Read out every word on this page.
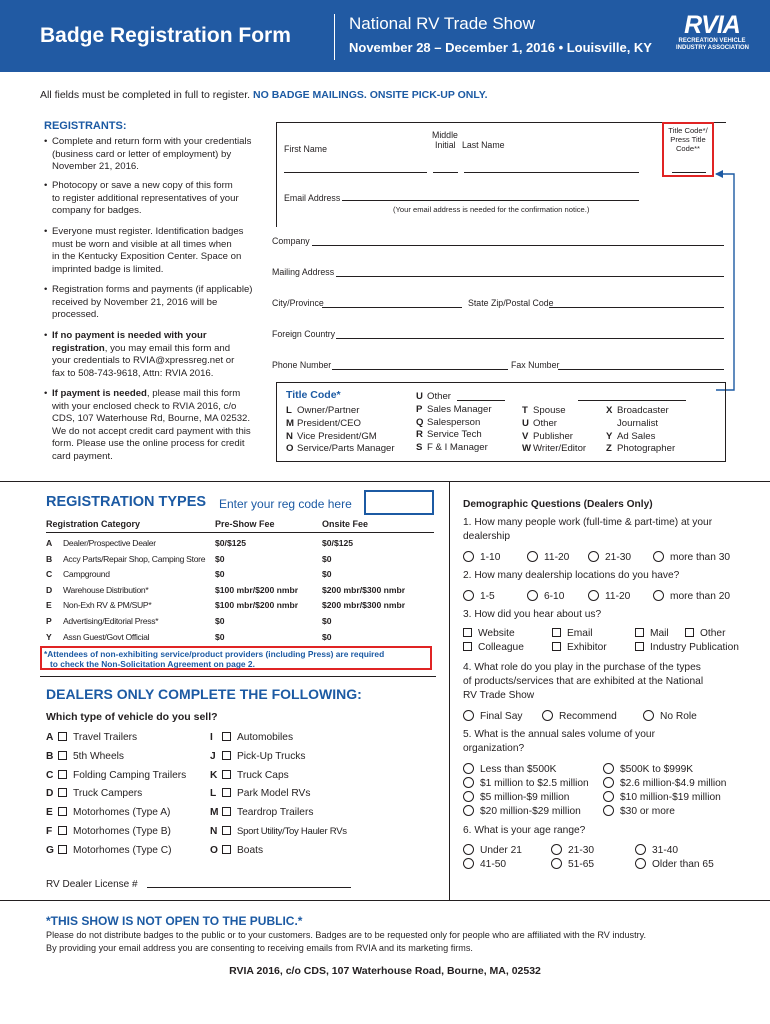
Badge Registration Form
National RV Trade Show
November 28 – December 1, 2016 • Louisville, KY
RVIA
RECREATION VEHICLE
INDUSTRY ASSOCIATION
All fields must be completed in full to register. NO BADGE MAILINGS. ONSITE PICK-UP ONLY.
REGISTRANTS:
• Complete and return form with your credentials
(business card or letter of employment) by
November 21, 2016.
• Photocopy or save a new copy of this form
to register additional representatives of your
company for badges.
• Everyone must register. Identification badges
must be worn and visible at all times when
in the Kentucky Exposition Center. Space on
imprinted badge is limited.
• Registration forms and payments (if applicable)
received by November 21, 2016 will be
processed.
• If no payment is needed with your
registration, you may email this form and
your credentials to RVIA@xpressreg.net or
fax to 508-743-9618, Attn: RVIA 2016.
• If payment is needed, please mail this form
with your enclosed check to RVIA 2016, c/o
CDS, 107 Waterhouse Rd, Bourne, MA 02532.
We do not accept credit card payment with this
form. Please use the online process for credit
card payment.
First Name
Middle
Initial Last Name
Title Code*/
Press Title
Code**
Email Address
(Your email address is needed for the confirmation notice.)
Company
Mailing Address
City/Province	State Zip/Postal Code
Foreign Country
Phone Number	Fax Number
Title Code*
L Owner/Partner
M President/CEO
N Vice President/GM
O Service/Parts Manager
U Other
P Sales Manager
Q Salesperson
R Service Tech
S F & I Manager
T Spouse
U Other
V Publisher
W Writer/Editor
X Broadcaster
Journalist
Y Ad Sales
Z Photographer
REGISTRATION TYPES Enter your reg code here
Registration Category	Pre-Show Fee	Onsite Fee
A Dealer/Prospective Dealer	$0/$125	$0/$125
B Accy Parts/Repair Shop, Camping Store $0	$0
C Campground	$0	$0
D Warehouse Distribution*	$100 mbr/$200 nmbr	$200 mbr/$300 nmbr
E Non-Exh RV & PM/SUP*	$100 mbr/$200 nmbr	$200 mbr/$300 nmbr
P Advertising/Editorial Press*	$0	$0
Y Assn Guest/Govt Official	$0	$0
*Attendees of non-exhibiting service/product providers (including Press) are required
to check the Non-Solicitation Agreement on page 2.
DEALERS ONLY COMPLETE THE FOLLOWING:
Which type of vehicle do you sell?
A Travel Trailers
B 5th Wheels
C Folding Camping Trailers
D Truck Campers
E Motorhomes (Type A)
F Motorhomes (Type B)
G Motorhomes (Type C)
I Automobiles
J Pick-Up Trucks
K Truck Caps
L Park Model RVs
M Teardrop Trailers
N Sport Utility/Toy Hauler RVs
O Boats
RV Dealer License #
Demographic Questions (Dealers Only)
1. How many people work (full-time & part-time) at your
dealership
1-10	11-20	21-30	more than 30
2. How many dealership locations do you have?
1-5	6-10	11-20	more than 20
3. How did you hear about us?
Website	Email	Mail	Other
Colleague	Exhibitor	Industry Publication
4. What role do you play in the purchase of the types
of products/services that are exhibited at the National
RV Trade Show
Final Say	Recommend	No Role
5. What is the annual sales volume of your
organization?
Less than $500K
$1 million to $2.5 million
$5 million-$9 million
$20 million-$29 million
$500K to $999K
$2.6 million-$4.9 million
$10 million-$19 million
$30 or more
6. What is your age range?
Under 21	21-30	31-40
41-50	51-65	Older than 65
*THIS SHOW IS NOT OPEN TO THE PUBLIC.*
Please do not distribute badges to the public or to your customers. Badges are to be requested only for people who are affiliated with the RV industry.
By providing your email address you are consenting to receiving emails from RVIA and its marketing firms.
RVIA 2016, c/o CDS, 107 Waterhouse Road, Bourne, MA, 02532
